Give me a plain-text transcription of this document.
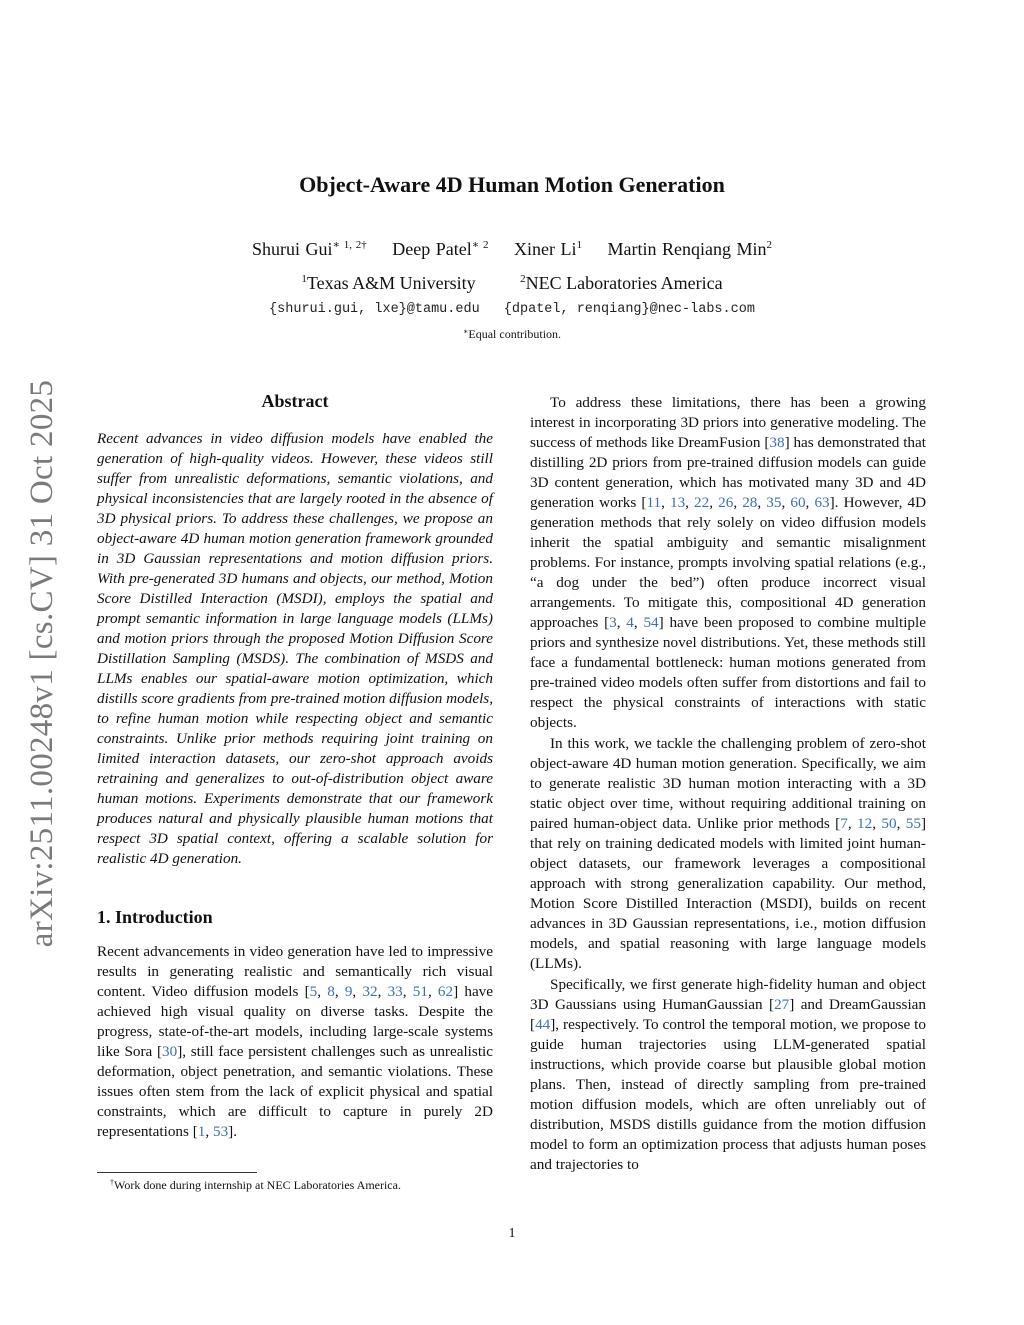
arXiv:2511.00248v1 [cs.CV] 31 Oct 2025
Object-Aware 4D Human Motion Generation
Shurui Gui$^{∗ 1, 2\dagger}$ Deep Patel$^{∗ 2}$ Xiner Li$^1$ Martin Renqiang Min$^2$
$^1$Texas A&M University	$^2$NEC Laboratories America
{shurui.gui, lxe}@tamu.edu {dpatel, renqiang}@nec-labs.com
∗Equal contribution.
Abstract

Recent advances in video diffusion models have enabled the generation of high-quality videos. However, these videos still suffer from unrealistic deformations, semantic violations, and physical inconsistencies that are largely rooted in the absence of 3D physical priors. To address these challenges, we propose an object-aware 4D human motion generation framework grounded in 3D Gaussian representations and motion diffusion priors. With pre-generated 3D humans and objects, our method, Motion Score Distilled Interaction (MSDI), employs the spatial and prompt semantic information in large language models (LLMs) and motion priors through the proposed Motion Diffusion Score Distillation Sampling (MSDS). The combination of MSDS and LLMs enables our spatial-aware motion optimization, which distills score gradients from pre-trained motion diffusion models, to refine human motion while respecting object and semantic constraints. Unlike prior methods requiring joint training on limited interaction datasets, our zero-shot approach avoids retraining and generalizes to out-of-distribution object aware human motions. Experiments demonstrate that our framework produces natural and physically plausible human motions that respect 3D spatial context, offering a scalable solution for realistic 4D generation.

1. Introduction

Recent advancements in video generation have led to impressive results in generating realistic and semantically rich visual content. Video diffusion models [5, 8, 9, 32, 33, 51, 62] have achieved high visual quality on diverse tasks. Despite the progress, state-of-the-art models, including large-scale systems like Sora [30], still face persistent challenges such as unrealistic deformation, object penetration, and semantic violations. These issues often stem from the lack of explicit physical and spatial constraints, which are difficult to capture in purely 2D representations [1, 53].

To address these limitations, there has been a growing interest in incorporating 3D priors into generative modeling. The success of methods like DreamFusion [38] has demonstrated that distilling 2D priors from pre-trained diffusion models can guide 3D content generation, which has motivated many 3D and 4D generation works [11, 13, 22, 26, 28, 35, 60, 63]. However, 4D generation methods that rely solely on video diffusion models inherit the spatial ambiguity and semantic misalignment problems. For instance, prompts involving spatial relations (e.g., “a dog under the bed”) often produce incorrect visual arrangements. To mitigate this, compositional 4D generation approaches [3, 4, 54] have been proposed to combine multiple priors and synthesize novel distributions. Yet, these methods still face a fundamental bottleneck: human motions generated from pre-trained video models often suffer from distortions and fail to respect the physical constraints of interactions with static objects.

In this work, we tackle the challenging problem of zero-shot object-aware 4D human motion generation. Specifically, we aim to generate realistic 3D human motion interacting with a 3D static object over time, without requiring additional training on paired human-object data. Unlike prior methods [7, 12, 50, 55] that rely on training dedicated models with limited joint human-object datasets, our framework leverages a compositional approach with strong generalization capability. Our method, Motion Score Distilled Interaction (MSDI), builds on recent advances in 3D Gaussian representations, i.e., motion diffusion models, and spatial reasoning with large language models (LLMs).

Specifically, we first generate high-fidelity human and object 3D Gaussians using HumanGaussian [27] and DreamGaussian [44], respectively. To control the temporal motion, we propose to guide human trajectories using LLM-generated spatial instructions, which provide coarse but plausible global motion plans. Then, instead of directly sampling from pre-trained motion diffusion models, which are often unreliably out of distribution, MSDS distills guidance from the motion diffusion model to form an optimization process that adjusts human poses and trajectories to

†Work done during internship at NEC Laboratories America.
1
